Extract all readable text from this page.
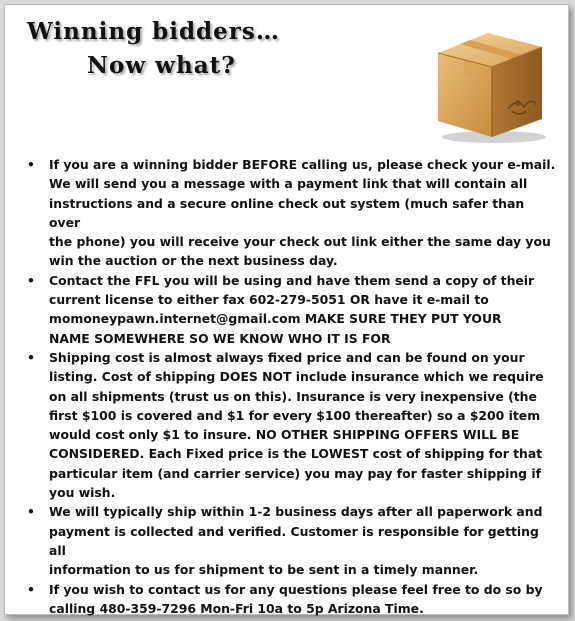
Winning bidders…
Now what?
• If you are a winning bidder BEFORE calling us, please check your e-mail.
We will send you a message with a payment link that will contain all
instructions and a secure online check out system (much safer than over
the phone) you will receive your check out link either the same day you
win the auction or the next business day.
• Contact the FFL you will be using and have them send a copy of their
current license to either fax 602-279-5051 OR have it e-mail to
momoneypawn.internet@gmail.com MAKE SURE THEY PUT YOUR
NAME SOMEWHERE SO WE KNOW WHO IT IS FOR
• Shipping cost is almost always fixed price and can be found on your
listing. Cost of shipping DOES NOT include insurance which we require
on all shipments (trust us on this). Insurance is very inexpensive (the
first $100 is covered and $1 for every $100 thereafter) so a $200 item
would cost only $1 to insure. NO OTHER SHIPPING OFFERS WILL BE
CONSIDERED. Each Fixed price is the LOWEST cost of shipping for that
particular item (and carrier service) you may pay for faster shipping if
you wish.
• We will typically ship within 1-2 business days after all paperwork and
payment is collected and verified. Customer is responsible for getting all
information to us for shipment to be sent in a timely manner.
• If you wish to contact us for any questions please feel free to do so by
calling 480-359-7296 Mon-Fri 10a to 5p Arizona Time.
